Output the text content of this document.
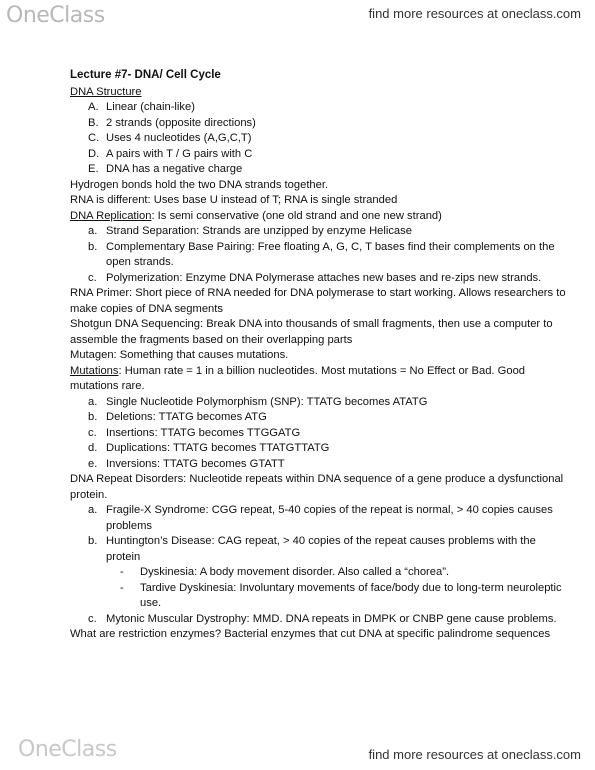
OneClass	find more resources at oneclass.com
Lecture #7- DNA/ Cell Cycle
DNA Structure
A. Linear (chain-like)
B. 2 strands (opposite directions)
C. Uses 4 nucleotides (A,G,C,T)
D. A pairs with T / G pairs with C
E. DNA has a negative charge
Hydrogen bonds hold the two DNA strands together.
RNA is different: Uses base U instead of T; RNA is single stranded
DNA Replication: Is semi conservative (one old strand and one new strand)
a. Strand Separation: Strands are unzipped by enzyme Helicase
b. Complementary Base Pairing: Free floating A, G, C, T bases find their complements on the open strands.
c. Polymerization: Enzyme DNA Polymerase attaches new bases and re-zips new strands.
RNA Primer: Short piece of RNA needed for DNA polymerase to start working. Allows researchers to make copies of DNA segments
Shotgun DNA Sequencing: Break DNA into thousands of small fragments, then use a computer to assemble the fragments based on their overlapping parts
Mutagen: Something that causes mutations.
Mutations: Human rate = 1 in a billion nucleotides. Most mutations = No Effect or Bad. Good mutations rare.
a. Single Nucleotide Polymorphism (SNP): TTATG becomes ATATG
b. Deletions: TTATG becomes ATG
c. Insertions: TTATG becomes TTGGATG
d. Duplications: TTATG becomes TTATGTTATG
e. Inversions: TTATG becomes GTATT
DNA Repeat Disorders: Nucleotide repeats within DNA sequence of a gene produce a dysfunctional protein.
a. Fragile-X Syndrome: CGG repeat, 5-40 copies of the repeat is normal, > 40 copies causes problems
b. Huntington’s Disease: CAG repeat, > 40 copies of the repeat causes problems with the protein
- Dyskinesia: A body movement disorder. Also called a “chorea”.
- Tardive Dyskinesia: Involuntary movements of face/body due to long-term neuroleptic use.
c. Mytonic Muscular Dystrophy: MMD. DNA repeats in DMPK or CNBP gene cause problems.
What are restriction enzymes? Bacterial enzymes that cut DNA at specific palindrome sequences
OneClass	find more resources at oneclass.com
